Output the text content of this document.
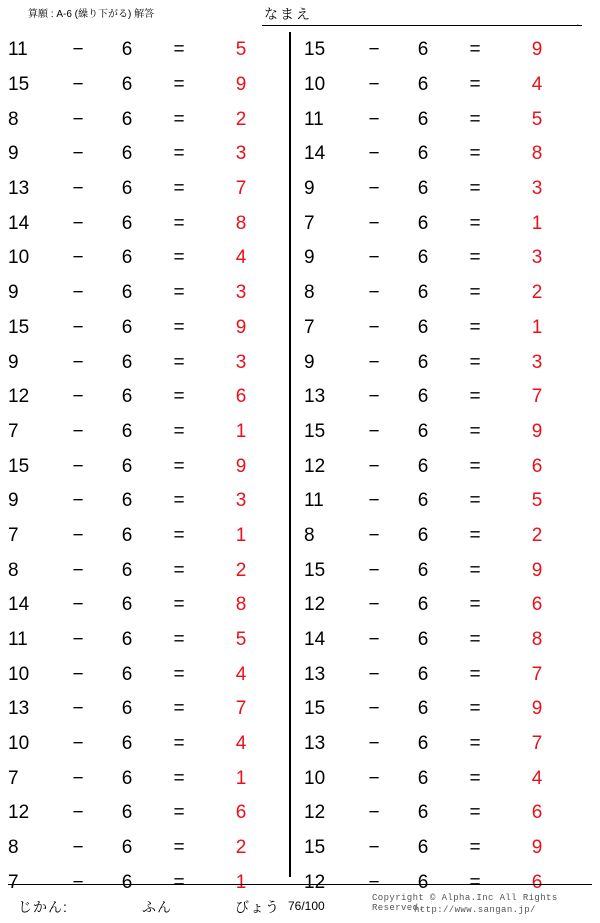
算願 : A-6 (繰り下がる) 解答	なまえ	.
11	−	6	=	5
15	−	6	=	9
8	−	6	=	2
9	−	6	=	3
13	−	6	=	7
14	−	6	=	8
10	−	6	=	4
9	−	6	=	3
15	−	6	=	9
9	−	6	=	3
12	−	6	=	6
7	−	6	=	1
15	−	6	=	9
9	−	6	=	3
7	−	6	=	1
8	−	6	=	2
14	−	6	=	8
11	−	6	=	5
10	−	6	=	4
13	−	6	=	7
10	−	6	=	4
7	−	6	=	1
12	−	6	=	6
8	−	6	=	2
7	−	6	=	1
15	−	6	=	9
10	−	6	=	4
11	−	6	=	5
14	−	6	=	8
9	−	6	=	3
7	−	6	=	1
9	−	6	=	3
8	−	6	=	2
7	−	6	=	1
9	−	6	=	3
13	−	6	=	7
15	−	6	=	9
12	−	6	=	6
11	−	6	=	5
8	−	6	=	2
15	−	6	=	9
12	−	6	=	6
14	−	6	=	8
13	−	6	=	7
15	−	6	=	9
13	−	6	=	7
10	−	6	=	4
12	−	6	=	6
15	−	6	=	9
12	−	6	=	6
じかん:	ふん	びょう 76/100
Copyright © Alpha.Inc All Rights Reserved.
http://www.sangan.jp/
